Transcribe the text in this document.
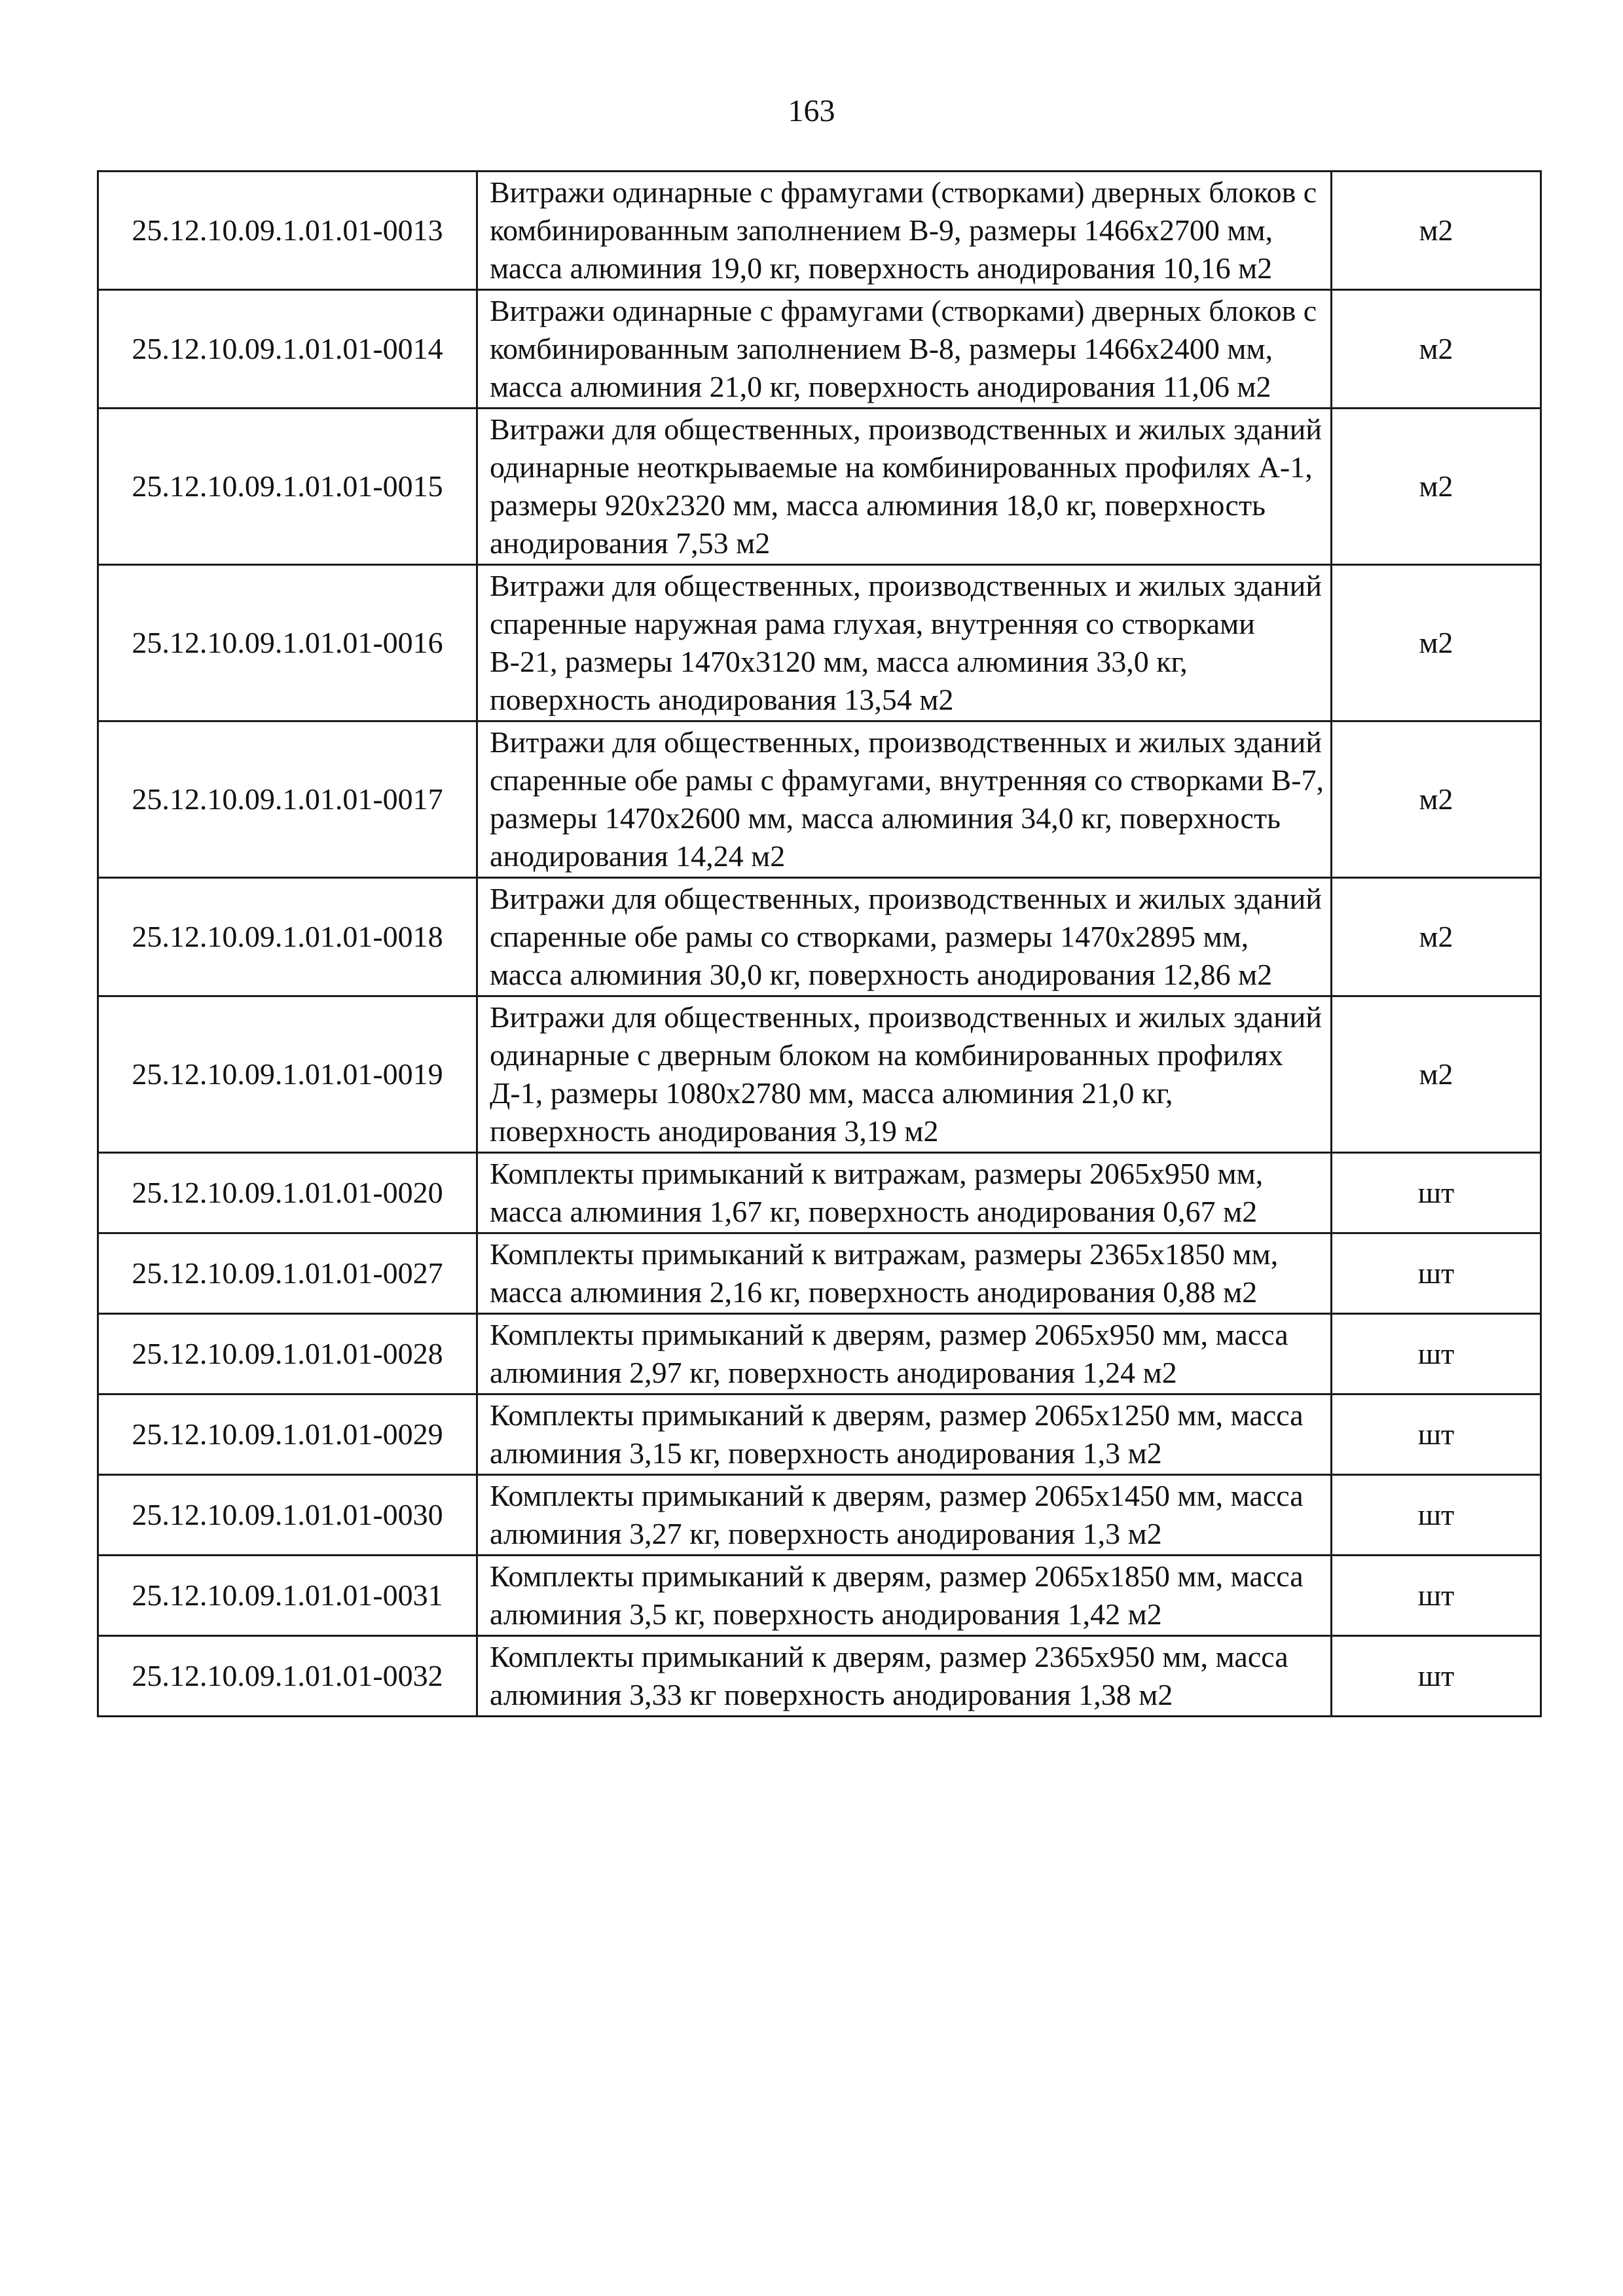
163
25.12.10.09.1.01.01-0013	Витражи одинарные с фрамугами (створками) дверных блоков с комбинированным заполнением В-9, размеры 1466х2700 мм, масса алюминия 19,0 кг, поверхность анодирования 10,16 м2	м2
25.12.10.09.1.01.01-0014	Витражи одинарные с фрамугами (створками) дверных блоков с комбинированным заполнением В-8, размеры 1466х2400 мм, масса алюминия 21,0 кг, поверхность анодирования 11,06 м2	м2
25.12.10.09.1.01.01-0015	Витражи для общественных, производственных и жилых зданий одинарные неоткрываемые на комбинированных профилях А-1, размеры 920х2320 мм, масса алюминия 18,0 кг, поверхность анодирования 7,53 м2	м2
25.12.10.09.1.01.01-0016	Витражи для общественных, производственных и жилых зданий спаренные наружная рама глухая, внутренняя со створками В-21, размеры 1470х3120 мм, масса алюминия 33,0 кг, поверхность анодирования 13,54 м2	м2
25.12.10.09.1.01.01-0017	Витражи для общественных, производственных и жилых зданий спаренные обе рамы с фрамугами, внутренняя со створками В-7, размеры 1470х2600 мм, масса алюминия 34,0 кг, поверхность анодирования 14,24 м2	м2
25.12.10.09.1.01.01-0018	Витражи для общественных, производственных и жилых зданий спаренные обе рамы со створками, размеры 1470х2895 мм, масса алюминия 30,0 кг, поверхность анодирования 12,86 м2	м2
25.12.10.09.1.01.01-0019	Витражи для общественных, производственных и жилых зданий одинарные с дверным блоком на комбинированных профилях Д-1, размеры 1080х2780 мм, масса алюминия 21,0 кг, поверхность анодирования 3,19 м2	м2
25.12.10.09.1.01.01-0020	Комплекты примыканий к витражам, размеры 2065х950 мм, масса алюминия 1,67 кг, поверхность анодирования 0,67 м2	шт
25.12.10.09.1.01.01-0027	Комплекты примыканий к витражам, размеры 2365х1850 мм, масса алюминия 2,16 кг, поверхность анодирования 0,88 м2	шт
25.12.10.09.1.01.01-0028	Комплекты примыканий к дверям, размер 2065х950 мм, масса алюминия 2,97 кг, поверхность анодирования 1,24 м2	шт
25.12.10.09.1.01.01-0029	Комплекты примыканий к дверям, размер 2065х1250 мм, масса алюминия 3,15 кг, поверхность анодирования 1,3 м2	шт
25.12.10.09.1.01.01-0030	Комплекты примыканий к дверям, размер 2065х1450 мм, масса алюминия 3,27 кг, поверхность анодирования 1,3 м2	шт
25.12.10.09.1.01.01-0031	Комплекты примыканий к дверям, размер 2065х1850 мм, масса алюминия 3,5 кг, поверхность анодирования 1,42 м2	шт
25.12.10.09.1.01.01-0032	Комплекты примыканий к дверям, размер 2365х950 мм, масса алюминия 3,33 кг поверхность анодирования 1,38 м2	шт
